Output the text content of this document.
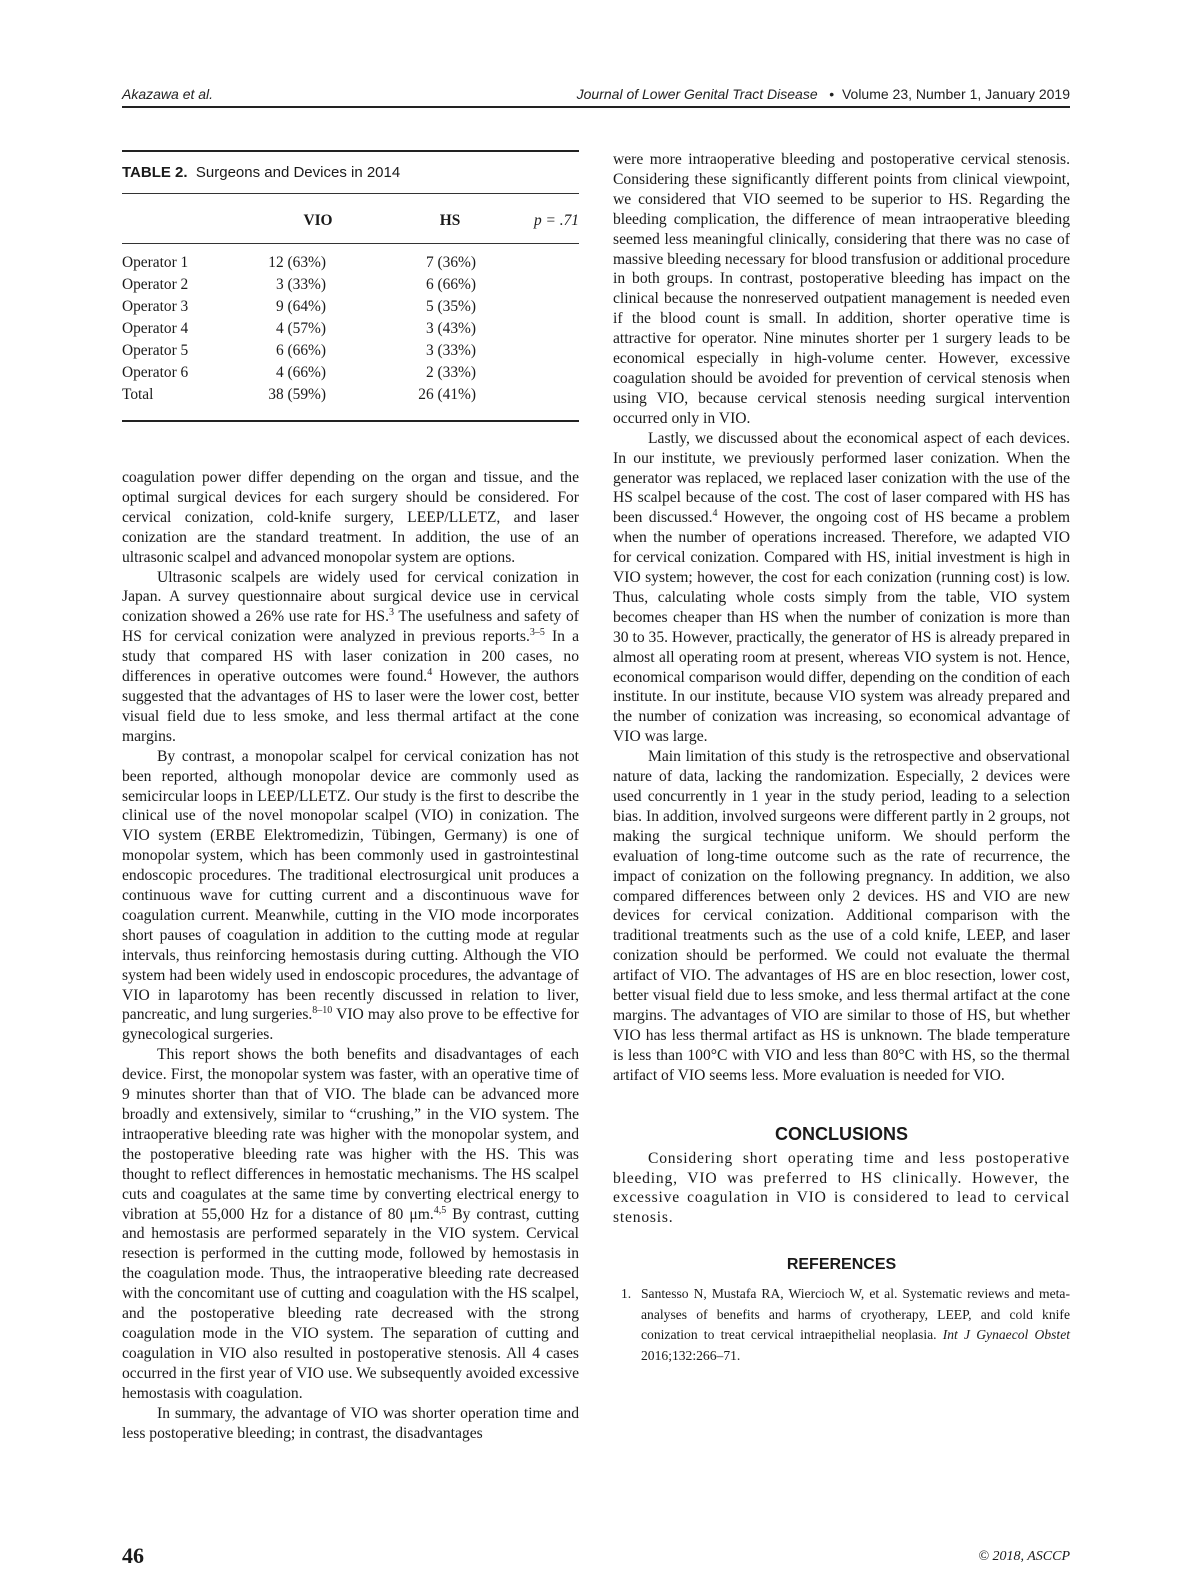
Akazawa et al.	Journal of Lower Genital Tract Disease • Volume 23, Number 1, January 2019
TABLE 2. Surgeons and Devices in 2014
	VIO	HS	p = .71
Operator 1	12 (63%)	7 (36%)	
Operator 2	3 (33%)	6 (66%)	
Operator 3	9 (64%)	5 (35%)	
Operator 4	4 (57%)	3 (43%)	
Operator 5	6 (66%)	3 (33%)	
Operator 6	4 (66%)	2 (33%)	
Total	38 (59%)	26 (41%)	

coagulation power differ depending on the organ and tissue, and the optimal surgical devices for each surgery should be considered. For cervical conization, cold-knife surgery, LEEP/LLETZ, and laser conization are the standard treatment. In addition, the use of an ultrasonic scalpel and advanced monopolar system are options.

Ultrasonic scalpels are widely used for cervical conization in Japan. A survey questionnaire about surgical device use in cervical conization showed a 26% use rate for HS.$^3$ The usefulness and safety of HS for cervical conization were analyzed in previous reports.$^{3-5}$ In a study that compared HS with laser conization in 200 cases, no differences in operative outcomes were found.$^4$ However, the authors suggested that the advantages of HS to laser were the lower cost, better visual field due to less smoke, and less thermal artifact at the cone margins.

By contrast, a monopolar scalpel for cervical conization has not been reported, although monopolar device are commonly used as semicircular loops in LEEP/LLETZ. Our study is the first to describe the clinical use of the novel monopolar scalpel (VIO) in conization. The VIO system (ERBE Elektromedizin, Tübingen, Germany) is one of monopolar system, which has been commonly used in gastrointestinal endoscopic procedures. The traditional electrosurgical unit produces a continuous wave for cutting current and a discontinuous wave for coagulation current. Meanwhile, cutting in the VIO mode incorporates short pauses of coagulation in addition to the cutting mode at regular intervals, thus reinforcing hemostasis during cutting. Although the VIO system had been widely used in endoscopic procedures, the advantage of VIO in laparotomy has been recently discussed in relation to liver, pancreatic, and lung surgeries.$^{8-10}$ VIO may also prove to be effective for gynecological surgeries.

This report shows the both benefits and disadvantages of each device. First, the monopolar system was faster, with an operative time of 9 minutes shorter than that of VIO. The blade can be advanced more broadly and extensively, similar to “crushing,” in the VIO system. The intraoperative bleeding rate was higher with the monopolar system, and the postoperative bleeding rate was higher with the HS. This was thought to reflect differences in hemostatic mechanisms. The HS scalpel cuts and coagulates at the same time by converting electrical energy to vibration at 55,000 Hz for a distance of 80 μm.$^{4,5}$ By contrast, cutting and hemostasis are performed separately in the VIO system. Cervical resection is performed in the cutting mode, followed by hemostasis in the coagulation mode. Thus, the intraoperative bleeding rate decreased with the concomitant use of cutting and coagulation with the HS scalpel, and the postoperative bleeding rate decreased with the strong coagulation mode in the VIO system. The separation of cutting and coagulation in VIO also resulted in postoperative stenosis. All 4 cases occurred in the first year of VIO use. We subsequently avoided excessive hemostasis with coagulation.

In summary, the advantage of VIO was shorter operation time and less postoperative bleeding; in contrast, the disadvantages

were more intraoperative bleeding and postoperative cervical stenosis. Considering these significantly different points from clinical viewpoint, we considered that VIO seemed to be superior to HS. Regarding the bleeding complication, the difference of mean intraoperative bleeding seemed less meaningful clinically, considering that there was no case of massive bleeding necessary for blood transfusion or additional procedure in both groups. In contrast, postoperative bleeding has impact on the clinical because the nonreserved outpatient management is needed even if the blood count is small. In addition, shorter operative time is attractive for operator. Nine minutes shorter per 1 surgery leads to be economical especially in high-volume center. However, excessive coagulation should be avoided for prevention of cervical stenosis when using VIO, because cervical stenosis needing surgical intervention occurred only in VIO.

Lastly, we discussed about the economical aspect of each devices. In our institute, we previously performed laser conization. When the generator was replaced, we replaced laser conization with the use of the HS scalpel because of the cost. The cost of laser compared with HS has been discussed.$^4$ However, the ongoing cost of HS became a problem when the number of operations increased. Therefore, we adapted VIO for cervical conization. Compared with HS, initial investment is high in VIO system; however, the cost for each conization (running cost) is low. Thus, calculating whole costs simply from the table, VIO system becomes cheaper than HS when the number of conization is more than 30 to 35. However, practically, the generator of HS is already prepared in almost all operating room at present, whereas VIO system is not. Hence, economical comparison would differ, depending on the condition of each institute. In our institute, because VIO system was already prepared and the number of conization was increasing, so economical advantage of VIO was large.

Main limitation of this study is the retrospective and observational nature of data, lacking the randomization. Especially, 2 devices were used concurrently in 1 year in the study period, leading to a selection bias. In addition, involved surgeons were different partly in 2 groups, not making the surgical technique uniform. We should perform the evaluation of long-time outcome such as the rate of recurrence, the impact of conization on the following pregnancy. In addition, we also compared differences between only 2 devices. HS and VIO are new devices for cervical conization. Additional comparison with the traditional treatments such as the use of a cold knife, LEEP, and laser conization should be performed. We could not evaluate the thermal artifact of VIO. The advantages of HS are en bloc resection, lower cost, better visual field due to less smoke, and less thermal artifact at the cone margins. The advantages of VIO are similar to those of HS, but whether VIO has less thermal artifact as HS is unknown. The blade temperature is less than 100°C with VIO and less than 80°C with HS, so the thermal artifact of VIO seems less. More evaluation is needed for VIO.

CONCLUSIONS

Considering short operating time and less postoperative bleeding, VIO was preferred to HS clinically. However, the excessive coagulation in VIO is considered to lead to cervical stenosis.

REFERENCES
1. Santesso N, Mustafa RA, Wiercioch W, et al. Systematic reviews and meta-analyses of benefits and harms of cryotherapy, LEEP, and cold knife conization to treat cervical intraepithelial neoplasia. Int J Gynaecol Obstet 2016;132:266–71.
46	© 2018, ASCCP
